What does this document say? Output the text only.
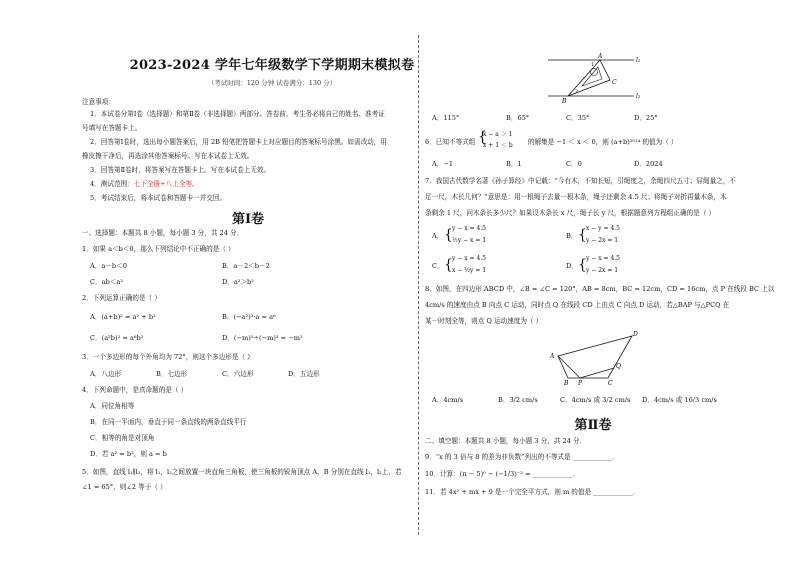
2023-2024 学年七年级数学下学期期末模拟卷
（考试时间：120 分钟 试卷满分：130 分）
注意事项：
1．本试卷分第Ⅰ卷（选择题）和第Ⅱ卷（非选择题）两部分。答卷前，考生务必将自己的姓名、准考证
号填写在答题卡上。
2．回答第Ⅰ卷时，选出每小题答案后，用 2B 铅笔把答题卡上对应题目的答案标号涂黑。如需改动，用
橡皮擦干净后，再选涂其他答案标号。写在本试卷上无效。
3．回答第Ⅱ卷时，将答案写在答题卡上。写在本试卷上无效。
4．测试范围：七下全册+八上全等。
5．考试结束后，将本试卷和答题卡一并交回。
第Ⅰ卷
一、选择题：本题共 8 小题，每小题 3 分，共 24 分．
1．如果 a＜b＜0，那么下列结论中不正确的是（ ）
A．a－b＜0	B．a－2＜b－2
C．ab＜a²	D．a²＞b²
2．下列运算正确的是（ ）
A．(a+b)² = a² + b²	B．(−a²)³·a = a⁶
C．(a³b)² = a⁶b²	D．(−m)⁵÷(−m)³ = −m²
3．一个多边形的每个外角均为 72°，则这个多边形是（ ）
A．八边形	B．七边形	C．六边形	D．五边形
4．下列命题中，是真命题的是（ ）
A．同位角相等
B．在同一平面内，垂直于同一条直线的两条直线平行
C．相等的角是对顶角
D．若 a² = b²，则 a = b
5．如图，直线 l₁∥l₂，将 l₁，l₂之间放置一块直角三角板，使三角板的锐角顶点 A，B 分别在直线 l₁，l₂上，若
∠1 = 65°，则∠2 等于（ ）
A
B
C
l₁
l₂
1
2
A．115°	B．65°	C．35°	D．25°
6．已知不等式组
x − a ＞ 1
x + 1 ＜ b
{	的解集是 −1 ＜ x ＜ 0，则 (a+b)²⁰²⁴ 的值为（ ）
A．−1	B．1	C．0	D．2024
7．我国古代数学名著《孙子算经》中记载：“今有木，不知长短，引绳度之，余绳四尺五寸；屈绳量之，不
足一尺，木长几何？”意思是：用一根绳子去量一根木条，绳子还剩余 4.5 尺；将绳子对折再量木条，木
条剩余 1 尺，问木条长多少尺？如果设木条长 x 尺，绳子长 y 尺，根据题意列方程组正确的是（ ）
A． { y − x = 4.5
½y − x = 1
B． { x − y = 4.5
y − 2x = 1
C． { y − x = 4.5
x − ½y = 1
D． { y − x = 4.5
y − 2x = 1
8．如图，在四边形 ABCD 中，∠B = ∠C = 120°，AB = 8cm，BC = 12cm，CD = 16cm，点 P 在线段 BC 上以
4cm/s 的速度由点 B 向点 C 运动，同时点 Q 在线段 CD 上由点 C 向点 D 运动，若△BAP 与△PCQ 在
某一时刻全等，则点 Q 运动速度为（ ）
A
B P	C
Q
D
A．4cm/s	B．3/2 cm/s	C．4cm/s 或 3/2 cm/s D．4cm/s 或 16/3 cm/s
第Ⅱ卷
二、填空题：本题共 8 小题，每小题 3 分，共 24 分．
9．“x 的 3 倍与 8 的差为非负数”列出的不等式是 ____________．
10．计算：(π − 5)⁰ − (−1/3)⁻² = ____________．
11．若 4x² + mx + 9 是一个完全平方式，则 m 的值是 ____________．
